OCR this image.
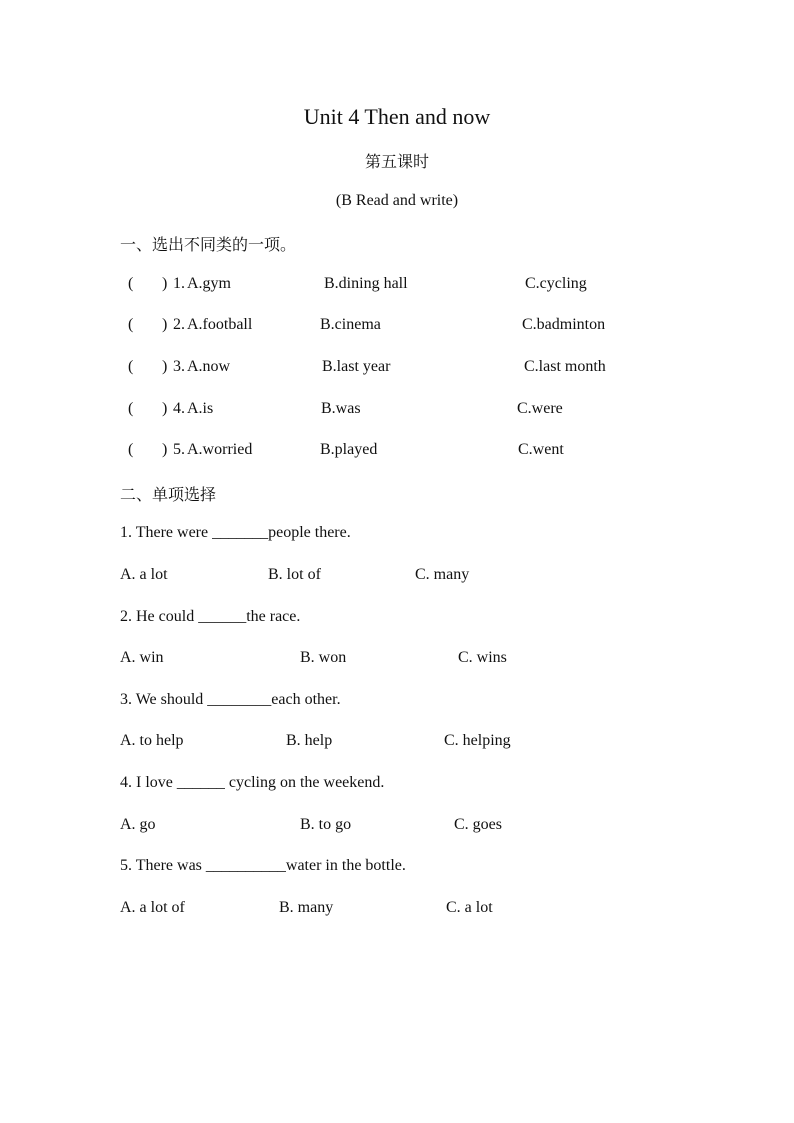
Unit 4 Then and now
第五课时
(B Read and write)
一、选出不同类的一项。
( ) 1. A.gym	B.dining hall	C.cycling
( ) 2. A.football	B.cinema	C.badminton
( ) 3. A.now	B.last year	C.last month
( ) 4. A.is	B.was	C.were
( ) 5. A.worried	B.played	C.went
二、单项选择
1. There were _______people there.
A. a lot	B. lot of	C. many
2. He could ______the race.
A. win	B. won	C. wins
3. We should ________each other.
A. to help	B. help	C. helping
4. I love ______ cycling on the weekend.
A. go	B. to go	C. goes
5. There was __________water in the bottle.
A. a lot of	B. many	C. a lot
